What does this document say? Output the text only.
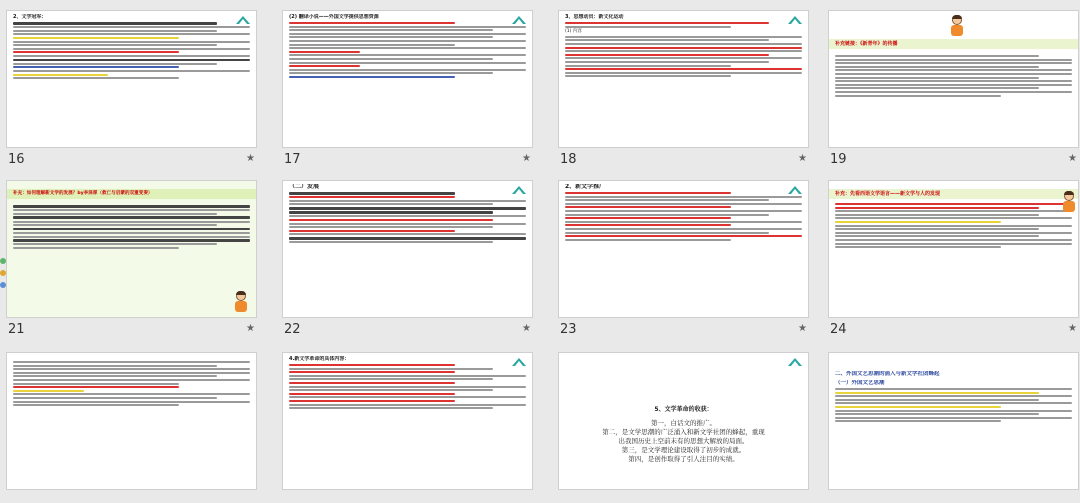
2、文学冠军：
16	★
(2) 翻译小说——外国文学提供思想资源
17	★
3、思想动员：新文化运动
(1) 内容
18	★
补充链接：《新青年》的传播
19	★
补充：如何理解新文学的发展？by李泽厚（救亡与启蒙的双重变奏）
21	★
（二）发展
22	★
2、新文学推广
23	★
补充：先看西语文学语言——新文学与人的发现
24	★
4.新文学革命的具体内容：
5、文学革命的收获：
第一，白话文的推广。
第二，是文学思潮的广泛涌入和新文学社团的蜂起，重现
出我国历史上空前未有的思想大解放的局面。
第三，是文学理论建设取得了初步的成就。
第四，是创作取得了引人注目的实绩。
二、外国文艺思潮的涌入与新文学社团蜂起
（一）外国文艺思潮
